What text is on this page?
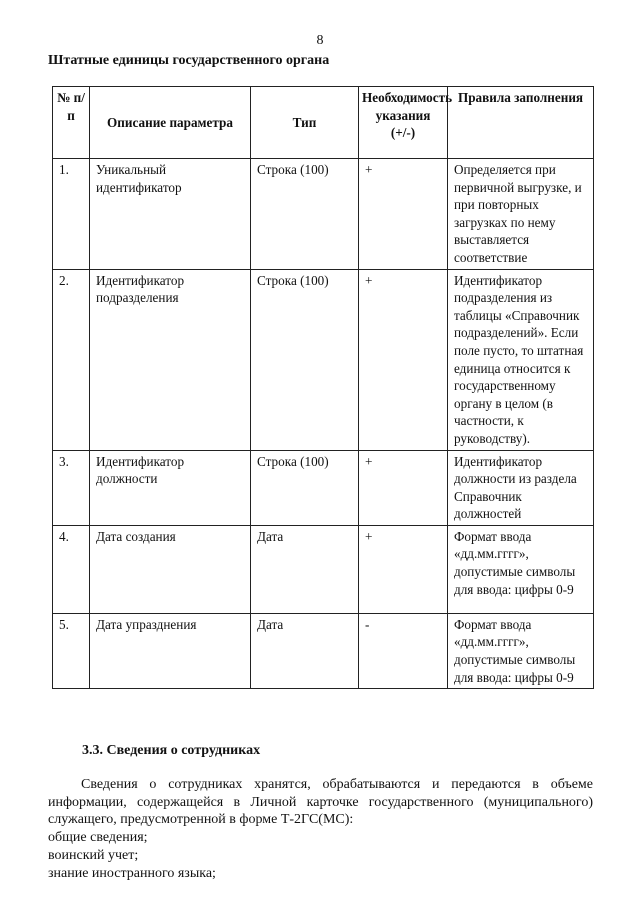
8
Штатные единицы государственного органа
№ п/п	Описание параметра	Тип	Необходимость указания (+/-)	Правила заполнения
1.	Уникальный идентификатор	Строка (100)	+	Определяется при первичной выгрузке, и при повторных загрузках по нему выставляется соответствие
2.	Идентификатор подразделения	Строка (100)	+	Идентификатор подразделения из таблицы «Справочник подразделений». Если поле пусто, то штатная единица относится к государственному органу в целом (в частности, к руководству).
3.	Идентификатор должности	Строка (100)	+	Идентификатор должности из раздела Справочник должностей
4.	Дата создания	Дата	+	Формат ввода «дд.мм.гггг», допустимые символы для ввода: цифры 0-9
5.	Дата упразднения	Дата	-	Формат ввода «дд.мм.гггг», допустимые символы для ввода: цифры 0-9
3.3. Сведения о сотрудниках

Сведения о сотрудниках хранятся, обрабатываются и передаются в объеме информации, содержащейся в Личной карточке государственного (муниципального) служащего, предусмотренной в форме Т-2ГС(МС):

общие сведения;
воинский учет;
знание иностранного языка;
